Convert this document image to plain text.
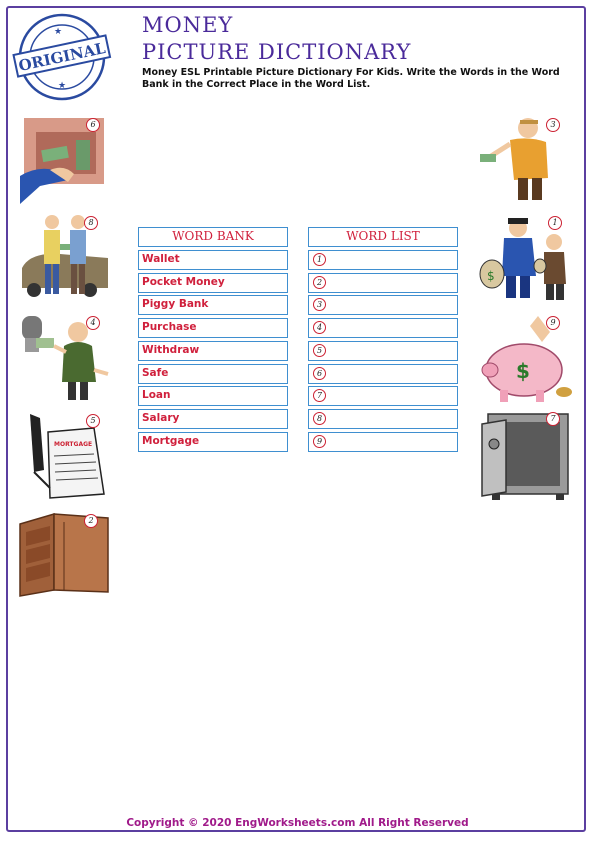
ORIGINAL
★
★
MONEY
PICTURE DICTIONARY
Money ESL Printable Picture Dictionary For Kids. Write the Words in the Word Bank in the Correct Place in the Word List.
WORD BANK
Wallet
Pocket Money
Piggy Bank
Purchase
Withdraw
Safe
Loan
Salary
Mortgage
WORD LIST
1
2
3
4
5
6
7
8
9
6
8
4
MORTGAGE
5
2
3
$
1
$
9
7
Copyright © 2020 EngWorksheets.com All Right Reserved
